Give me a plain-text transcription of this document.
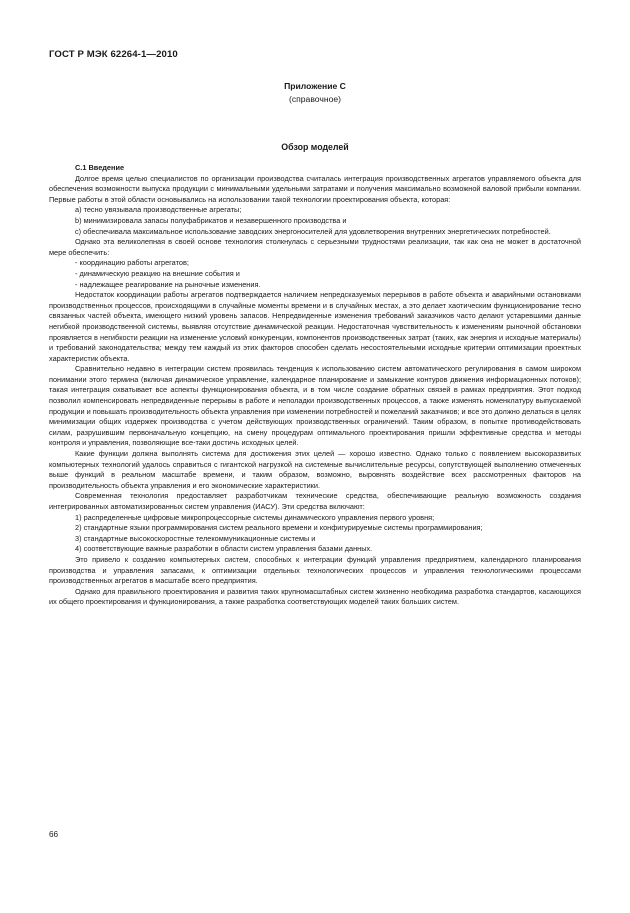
ГОСТ Р МЭК 62264-1—2010
Приложение С
(справочное)
Обзор моделей

С.1 Введение

Долгое время целью специалистов по организации производства считалась интеграция производственных агрегатов управляемого объекта для обеспечения возможности выпуска продукции с минимальными удельными затратами и получения максимально возможной валовой прибыли компании. Первые работы в этой области основывались на использовании такой технологии проектирования объекта, которая:

a) тесно увязывала производственные агрегаты;

b) минимизировала запасы полуфабрикатов и незавершенного производства и

c) обеспечивала максимальное использование заводских энергоносителей для удовлетворения внутренних энергетических потребностей.

Однако эта великолепная в своей основе технология столкнулась с серьезными трудностями реализации, так как она не может в достаточной мере обеспечить:

- координацию работы агрегатов;

- динамическую реакцию на внешние события и

- надлежащее реагирование на рыночные изменения.

Недостаток координации работы агрегатов подтверждается наличием непредсказуемых перерывов в работе объекта и аварийными остановками производственных процессов, происходящими в случайные моменты времени и в случайных местах, а это делает хаотическим функционирование тесно связанных частей объекта, имеющего низкий уровень запасов. Непредвиденные изменения требований заказчиков часто делают устаревшими данные негибкой производственной системы, выявляя отсутствие динамической реакции. Недостаточная чувствительность к изменениям рыночной обстановки проявляется в негибкости реакции на изменение условий конкуренции, компонентов производственных затрат (таких, как энергия и исходные материалы) и требований законодательства; между тем каждый из этих факторов способен сделать несостоятельными исходные критерии оптимизации проектных характеристик объекта.

Сравнительно недавно в интеграции систем проявилась тенденция к использованию систем автоматического регулирования в самом широком понимании этого термина (включая динамическое управление, календарное планирование и замыкание контуров движения информационных потоков); такая интеграция охватывает все аспекты функционирования объекта, и в том числе создание обратных связей в рамках предприятия. Этот подход позволил компенсировать непредвиденные перерывы в работе и неполадки производственных процессов, а также изменять номенклатуру выпускаемой продукции и повышать производительность объекта управления при изменении потребностей и пожеланий заказчиков; и все это должно делаться в целях минимизации общих издержек производства с учетом действующих производственных ограничений. Таким образом, в попытке противодействовать силам, разрушившим первоначальную концепцию, на смену процедурам оптимального проектирования пришли эффективные средства и методы контроля и управления, позволяющие все-таки достичь исходных целей.

Какие функции должна выполнять система для достижения этих целей — хорошо известно. Однако только с появлением высокоразвитых компьютерных технологий удалось справиться с гигантской нагрузкой на системные вычислительные ресурсы, сопутствующей выполнению отмеченных выше функций в реальном масштабе времени, и таким образом, возможно, выровнять воздействие всех рассмотренных факторов на производительность объекта управления и его экономические характеристики.

Современная технология предоставляет разработчикам технические средства, обеспечивающие реальную возможность создания интегрированных автоматизированных систем управления (ИАСУ). Эти средства включают:

1) распределенные цифровые микропроцессорные системы динамического управления первого уровня;

2) стандартные языки программирования систем реального времени и конфигурируемые системы программирования;

3) стандартные высокоскоростные телекоммуникационные системы и

4) соответствующие важные разработки в области систем управления базами данных.

Это привело к созданию компьютерных систем, способных к интеграции функций управления предприятием, календарного планирования производства и управления запасами, к оптимизации отдельных технологических процессов и управления технологическими процессами производственных агрегатов в масштабе всего предприятия.

Однако для правильного проектирования и развития таких крупномасштабных систем жизненно необходима разработка стандартов, касающихся их общего проектирования и функционирования, а также разработка соответствующих моделей таких больших систем.

66
